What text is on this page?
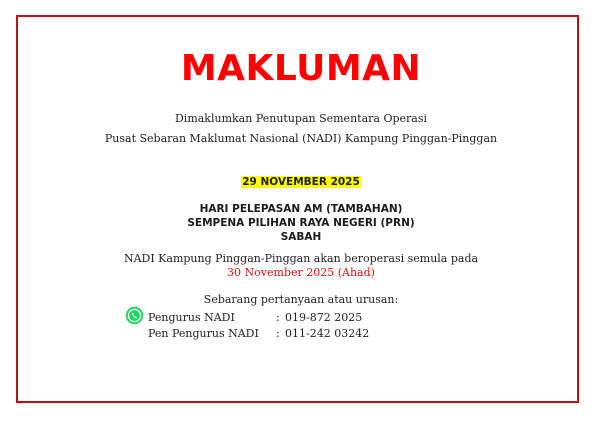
MAKLUMAN
Dimaklumkan Penutupan Sementara Operasi
Pusat Sebaran Maklumat Nasional (NADI) Kampung Pinggan-Pinggan
29 NOVEMBER 2025
HARI PELEPASAN AM (TAMBAHAN)
SEMPENA PILIHAN RAYA NEGERI (PRN)
SABAH
NADI Kampung Pinggan-Pinggan akan beroperasi semula pada
30 November 2025 (Ahad)
Sebarang pertanyaan atau urusan:
Pengurus NADI	: 019-872 2025
Pen Pengurus NADI : 011-242 03242
